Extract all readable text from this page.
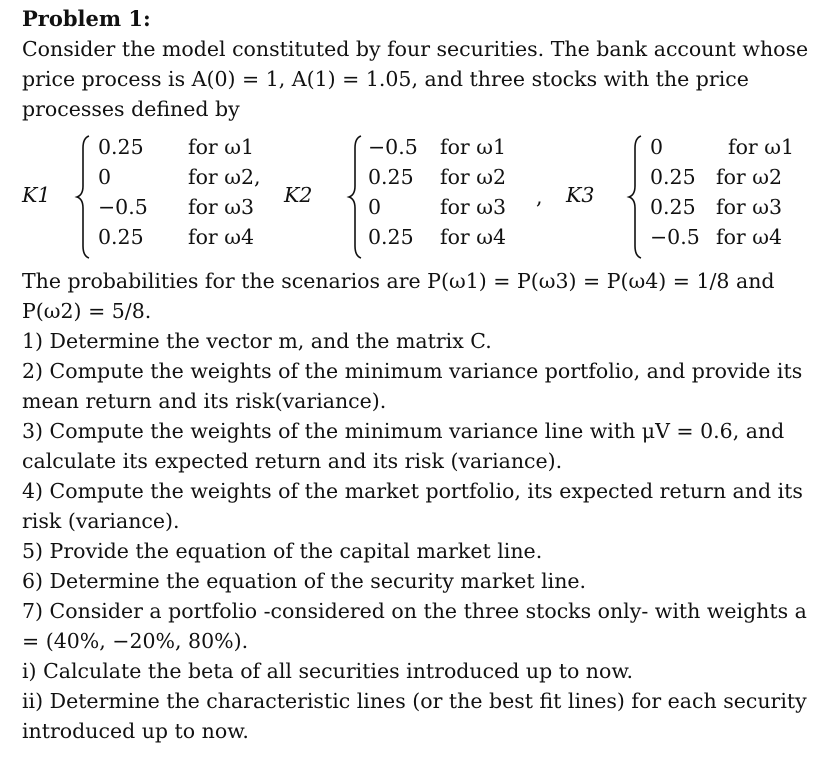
Problem 1:

Consider the model constituted by four securities. The bank account whose price process is A(0) = 1, A(1) = 1.05, and three stocks with the price processes defined by

K1
0.25 for ω1
0	for ω2,
−0.5 for ω3
0.25 for ω4
K2
−0.5 for ω1
0.25 for ω2
0	for ω3
0.25 for ω4
, K3
0	for ω1
0.25 for ω2
0.25 for ω3
−0.5 for ω4

The probabilities for the scenarios are P(ω1) = P(ω3) = P(ω4) = 1/8 and P(ω2) = 5/8.

1) Determine the vector m, and the matrix C.

2) Compute the weights of the minimum variance portfolio, and provide its mean return and its risk(variance).

3) Compute the weights of the minimum variance line with μV = 0.6, and calculate its expected return and its risk (variance).

4) Compute the weights of the market portfolio, its expected return and its risk (variance).

5) Provide the equation of the capital market line.

6) Determine the equation of the security market line.

7) Consider a portfolio -considered on the three stocks only- with weights a = (40%, −20%, 80%).

i) Calculate the beta of all securities introduced up to now.

ii) Determine the characteristic lines (or the best fit lines) for each security introduced up to now.
